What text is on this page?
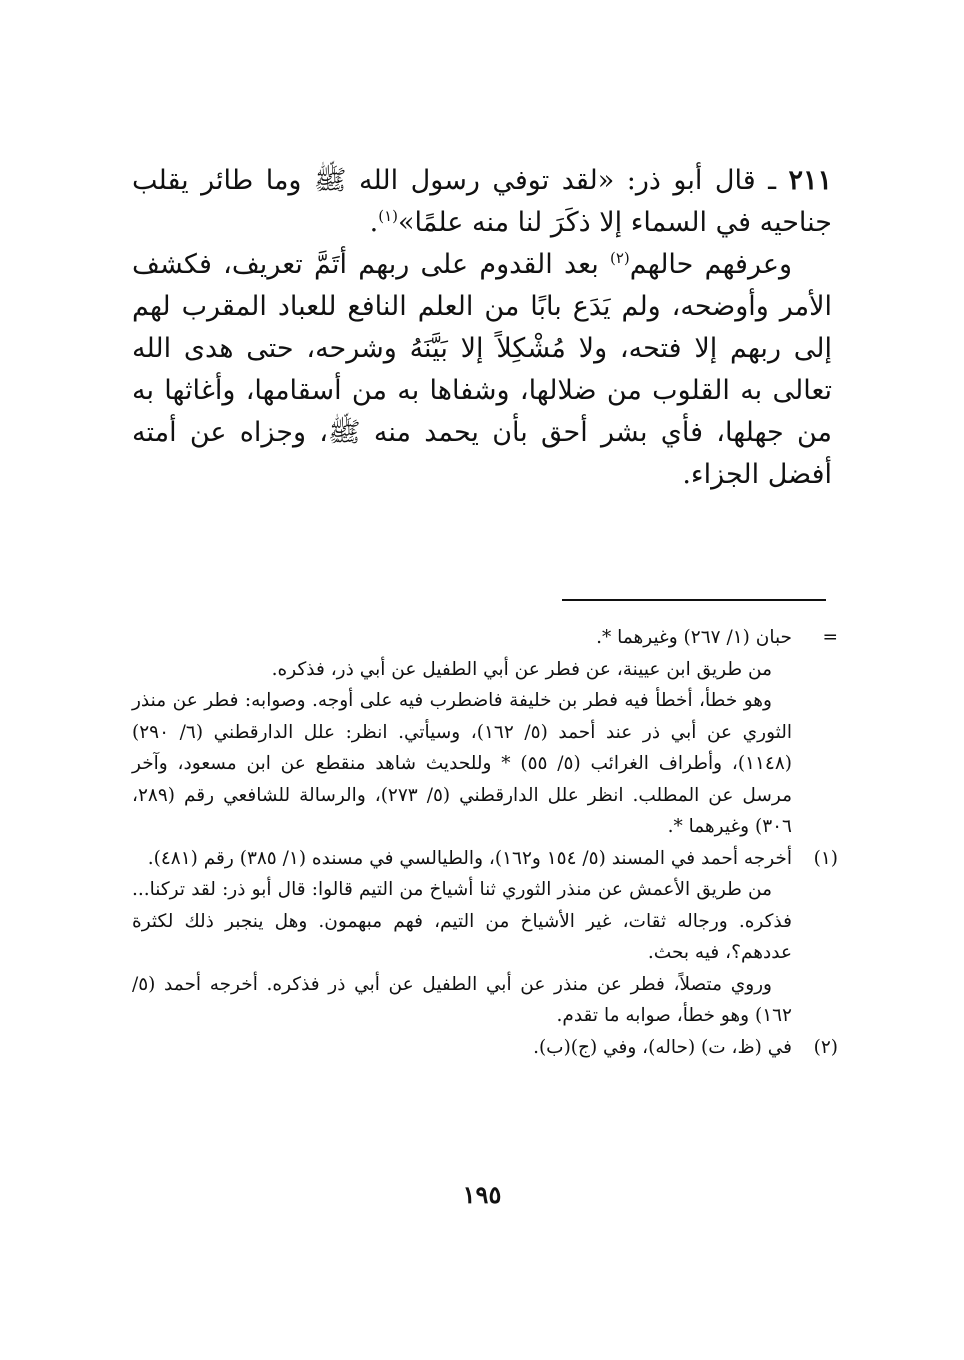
٢١١ ـ قال أبو ذر: «لقد توفي رسول الله ﷺ وما طائر يقلب جناحيه في السماء إلا ذكَرَ لنا منه علمًا»$^{(١)}$.

وعرفهم حالهم$^{(٢)}$ بعد القدوم على ربهم أتَمَّ تعريف، فكشف الأمر وأوضحه، ولم يَدَع بابًا من العلم النافع للعباد المقرب لهم إلى ربهم إلا فتحه، ولا مُشْكِلاً إلا بَيَّنَهُ وشرحه، حتى هدى الله تعالى به القلوب من ضلالها، وشفاها به من أسقامها، وأغاثها به من جهلها، فأي بشر أحق بأن يحمد منه ﷺ، وجزاه عن أمته أفضل الجزاء.

=

حبان (١/ ٢٦٧) وغيرهما *.

من طريق ابن عيينة، عن فطر عن أبي الطفيل عن أبي ذر، فذكره.

وهو خطأ، أخطأ فيه فطر بن خليفة فاضطرب فيه على أوجه. وصوابه: فطر عن منذر الثوري عن أبي ذر عند أحمد (٥/ ١٦٢)، وسيأتي. انظر: علل الدارقطني (٦/ ٢٩٠) (١١٤٨)، وأطراف الغرائب (٥/ ٥٥) * وللحديث شاهد منقطع عن ابن مسعود، وآخر مرسل عن المطلب. انظر علل الدارقطني (٥/ ٢٧٣)، والرسالة للشافعي رقم (٢٨٩، ٣٠٦) وغيرهما *.

(١)

أخرجه أحمد في المسند (٥/ ١٥٤ و١٦٢)، والطيالسي في مسنده (١/ ٣٨٥) رقم (٤٨١).

من طريق الأعمش عن منذر الثوري ثنا أشياخ من التيم قالوا: قال أبو ذر: لقد تركنا... فذكره. ورجاله ثقات، غير الأشياخ من التيم، فهم مبهمون. وهل ينجبر ذلك لكثرة عددهم؟، فيه بحث.

وروي متصلاً، فطر عن منذر عن أبي الطفيل عن أبي ذر فذكره. أخرجه أحمد (٥/ ١٦٢) وهو خطأ، صوابه ما تقدم.

(٢)

في (ظ، ت) (حاله)، وفي (ج)(ب).

١٩٥
